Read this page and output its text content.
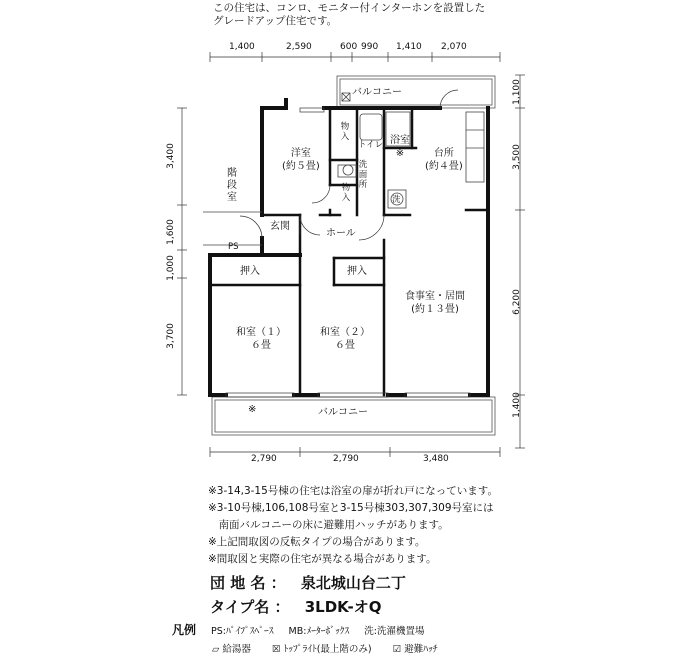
この住宅は、コンロ、モニター付インターホンを設置した
グレードアップ住宅です。
1,400	2,590	600 990 1,410 2,070
2,790	2,790	3,480
3,400
1,600
1,000
3,700
1,100
3,500
6,200
1,400
バルコニー
バルコニー
※
洋室
(約５畳)
物入
物入
トイレ
洗面所
浴室
※	台所
(約４畳)
洗
階段室
玄関
ホール
PS
押入	押入
食事室・居間
(約１３畳)
和室（１）
６畳
和室（２）
６畳
※3-14,3-15号棟の住宅は浴室の扉が折れ戸になっています。
※3-10号棟,106,108号室と3-15号棟303,307,309号室には
　南面バルコニーの床に避難用ハッチがあります。
※上記間取図の反転タイプの場合があります。
※間取図と実際の住宅が異なる場合があります。
団 地 名 ： 泉北城山台二丁
タイプ名 ： 3LDK-オQ
凡例 PS:ﾊﾟｲﾌﾟｽﾍﾟｰｽ MB:ﾒｰﾀｰﾎﾞｯｸｽ 洗:洗濯機置場
▱ 給湯器 ☒ ﾄｯﾌﾟﾗｲﾄ(最上階のみ) ☑ 避難ﾊｯﾁ
